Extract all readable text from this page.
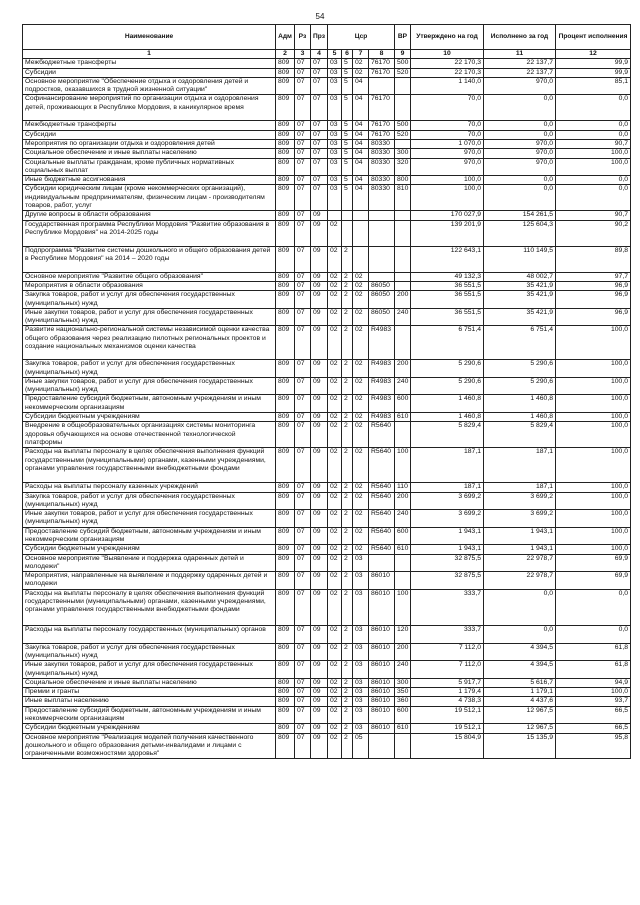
54
Наименование	Адм	Рз	Прз	Цср				ВР	Утверждено на год	Исполнено за год	Процент исполнения
1	2	3	4	5	6	7	8	9	10	11	12
Межбюджетные трансферты	809	07	07	03	5	02	76170	500	22 170,3	22 137,7	99,9
Субсидии	809	07	07	03	5	02	76170	520	22 170,3	22 137,7	99,9
Основное мероприятие "Обеспечение отдыха и оздоровления детей и подростков, оказавшихся в трудной жизненной ситуации"	809	07	07	03	5	04			1 140,0	970,0	85,1
Софинансирование мероприятий по организации отдыха и оздоровления детей, проживающих в Республике Мордовия, в каникулярное время	809	07	07	03	5	04	76170		70,0	0,0	0,0
Межбюджетные трансферты	809	07	07	03	5	04	76170	500	70,0	0,0	0,0
Субсидии	809	07	07	03	5	04	76170	520	70,0	0,0	0,0
Мероприятия по организации отдыха и оздоровления детей	809	07	07	03	5	04	80330		1 070,0	970,0	90,7
Социальное обеспечение и иные выплаты населению	809	07	07	03	5	04	80330	300	970,0	970,0	100,0
Социальные выплаты гражданам, кроме публичных нормативных социальных выплат	809	07	07	03	5	04	80330	320	970,0	970,0	100,0
Иные бюджетные ассигнования	809	07	07	03	5	04	80330	800	100,0	0,0	0,0
Субсидии юридическим лицам (кроме некоммерческих организаций), индивидуальным предпринимателям, физическим лицам - производителям товаров, работ, услуг	809	07	07	03	5	04	80330	810	100,0	0,0	0,0
Другие вопросы в области образования	809	07	09						170 027,9	154 261,5	90,7
Государственная программа Республики Мордовия "Развитие образования в Республике Мордовия" на 2014-2025 годы	809	07	09	02					139 201,9	125 604,3	90,2
Подпрограмма "Развитие системы дошкольного и общего образования детей в Республике Мордовия" на 2014 – 2020 годы	809	07	09	02	2				122 643,1	110 149,5	89,8
Основное мероприятие "Развитие общего образования"	809	07	09	02	2	02			49 132,3	48 002,7	97,7
Мероприятия в области образования	809	07	09	02	2	02	86050		36 551,5	35 421,9	96,9
Закупка товаров, работ и услуг для обеспечения государственных (муниципальных) нужд	809	07	09	02	2	02	86050	200	36 551,5	35 421,9	96,9
Иные закупки товаров, работ и услуг для обеспечения государственных (муниципальных) нужд	809	07	09	02	2	02	86050	240	36 551,5	35 421,9	96,9
Развитие национально-региональной системы независимой оценки качества общего образования через реализацию пилотных региональных проектов и создание национальных механизмов оценки качества	809	07	09	02	2	02	R4983		6 751,4	6 751,4	100,0
Закупка товаров, работ и услуг для обеспечения государственных (муниципальных) нужд	809	07	09	02	2	02	R4983	200	5 290,6	5 290,6	100,0
Иные закупки товаров, работ и услуг для обеспечения государственных (муниципальных) нужд	809	07	09	02	2	02	R4983	240	5 290,6	5 290,6	100,0
Предоставление субсидий бюджетным, автономным учреждениям и иным некоммерческим организациям	809	07	09	02	2	02	R4983	600	1 460,8	1 460,8	100,0
Субсидии бюджетным учреждениям	809	07	09	02	2	02	R4983	610	1 460,8	1 460,8	100,0
Внедрение в общеобразовательных организациях системы мониторинга здоровья обучающихся на основе отечественной технологической платформы	809	07	09	02	2	02	R5640		5 829,4	5 829,4	100,0
Расходы на выплаты персоналу в целях обеспечения выполнения функций государственными (муниципальными) органами, казенными учреждениями, органами управления государственными внебюджетными фондами	809	07	09	02	2	02	R5640	100	187,1	187,1	100,0
Расходы на выплаты персоналу казенных учреждений	809	07	09	02	2	02	R5640	110	187,1	187,1	100,0
Закупка товаров, работ и услуг для обеспечения государственных (муниципальных) нужд	809	07	09	02	2	02	R5640	200	3 699,2	3 699,2	100,0
Иные закупки товаров, работ и услуг для обеспечения государственных (муниципальных) нужд	809	07	09	02	2	02	R5640	240	3 699,2	3 699,2	100,0
Предоставление субсидий бюджетным, автономным учреждениям и иным некоммерческим организациям	809	07	09	02	2	02	R5640	600	1 943,1	1 943,1	100,0
Субсидии бюджетным учреждениям	809	07	09	02	2	02	R5640	610	1 943,1	1 943,1	100,0
Основное мероприятие "Выявление и поддержка одаренных детей и молодежи"	809	07	09	02	2	03			32 875,5	22 978,7	69,9
Мероприятия, направленные на выявление и поддержку одаренных детей и молодежи	809	07	09	02	2	03	86010		32 875,5	22 978,7	69,9
Расходы на выплаты персоналу в целях обеспечения выполнения функций государственными (муниципальными) органами, казенными учреждениями, органами управления государственными внебюджетными фондами	809	07	09	02	2	03	86010	100	333,7	0,0	0,0
Расходы на выплаты персоналу государственных (муниципальных) органов	809	07	09	02	2	03	86010	120	333,7	0,0	0,0
Закупка товаров, работ и услуг для обеспечения государственных (муниципальных) нужд	809	07	09	02	2	03	86010	200	7 112,0	4 394,5	61,8
Иные закупки товаров, работ и услуг для обеспечения государственных (муниципальных) нужд	809	07	09	02	2	03	86010	240	7 112,0	4 394,5	61,8
Социальное обеспечение и иные выплаты населению	809	07	09	02	2	03	86010	300	5 917,7	5 616,7	94,9
Премии и гранты	809	07	09	02	2	03	86010	350	1 179,4	1 179,1	100,0
Иные выплаты населению	809	07	09	02	2	03	86010	360	4 738,3	4 437,6	93,7
Предоставление субсидий бюджетным, автономным учреждениям и иным некоммерческим организациям	809	07	09	02	2	03	86010	600	19 512,1	12 967,5	66,5
Субсидии бюджетным учреждениям	809	07	09	02	2	03	86010	610	19 512,1	12 967,5	66,5
Основное мероприятие "Реализация моделей получения качественного дошкольного и общего образования детьми-инвалидами и лицами с ограниченными возможностями здоровья"	809	07	09	02	2	05			15 804,9	15 135,9	95,8
